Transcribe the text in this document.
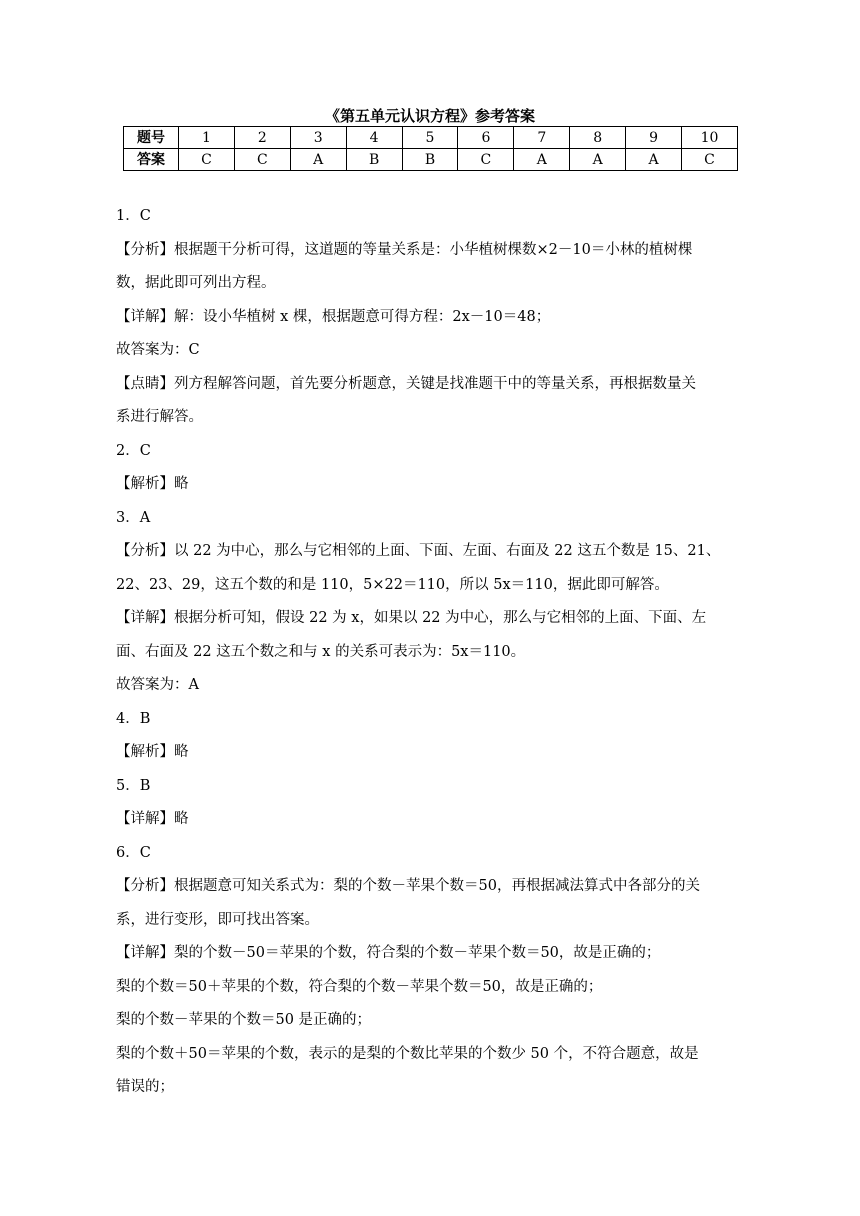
《第五单元认识方程》参考答案
题号	1	2	3	4	5	6	7	8	9	10
答案	C	C	A	B	B	C	A	A	A	C

1．C

【分析】根据题干分析可得，这道题的等量关系是：小华植树棵数×2－10＝小林的植树棵

数，据此即可列出方程。

【详解】解：设小华植树 x 棵，根据题意可得方程：2x－10＝48；

故答案为：C

【点睛】列方程解答问题，首先要分析题意，关键是找准题干中的等量关系，再根据数量关

系进行解答。

2．C

【解析】略

3．A

【分析】以 22 为中心，那么与它相邻的上面、下面、左面、右面及 22 这五个数是 15、21、

22、23、29，这五个数的和是 110，5×22＝110，所以 5x＝110，据此即可解答。

【详解】根据分析可知，假设 22 为 x，如果以 22 为中心，那么与它相邻的上面、下面、左

面、右面及 22 这五个数之和与 x 的关系可表示为：5x＝110。

故答案为：A

4．B

【解析】略

5．B

【详解】略

6．C

【分析】根据题意可知关系式为：梨的个数－苹果个数＝50，再根据减法算式中各部分的关

系，进行变形，即可找出答案。

【详解】梨的个数－50＝苹果的个数，符合梨的个数－苹果个数＝50，故是正确的；

梨的个数＝50＋苹果的个数，符合梨的个数－苹果个数＝50，故是正确的；

梨的个数－苹果的个数＝50 是正确的；

梨的个数＋50＝苹果的个数，表示的是梨的个数比苹果的个数少 50 个，不符合题意，故是

错误的；
